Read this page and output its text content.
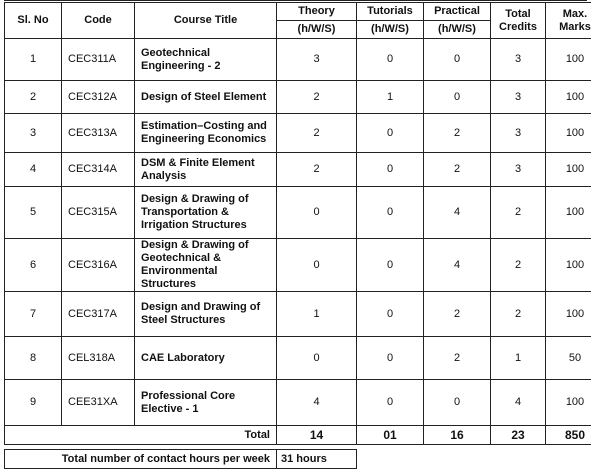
Sl. No	Code	Course Title	Theory	Tutorials	Practical	Total Credits	Max. Marks
			(h/W/S)	(h/W/S)	(h/W/S)		
1	CEC311A	Geotechnical Engineering - 2	3	0	0	3	100
2	CEC312A	Design of Steel Element	2	1	0	3	100
3	CEC313A	Estimation–Costing and Engineering Economics	2	0	2	3	100
4	CEC314A	DSM & Finite Element Analysis	2	0	2	3	100
5	CEC315A	Design & Drawing of Transportation & Irrigation Structures	0	0	4	2	100
6	CEC316A	Design & Drawing of Geotechnical & Environmental Structures	0	0	4	2	100
7	CEC317A	Design and Drawing of Steel Structures	1	0	2	2	100
8	CEL318A	CAE Laboratory	0	0	2	1	50
9	CEE31XA	Professional Core Elective - 1	4	0	0	4	100
Total			14	01	16	23	850
Total number of contact hours per week	31 hours	
